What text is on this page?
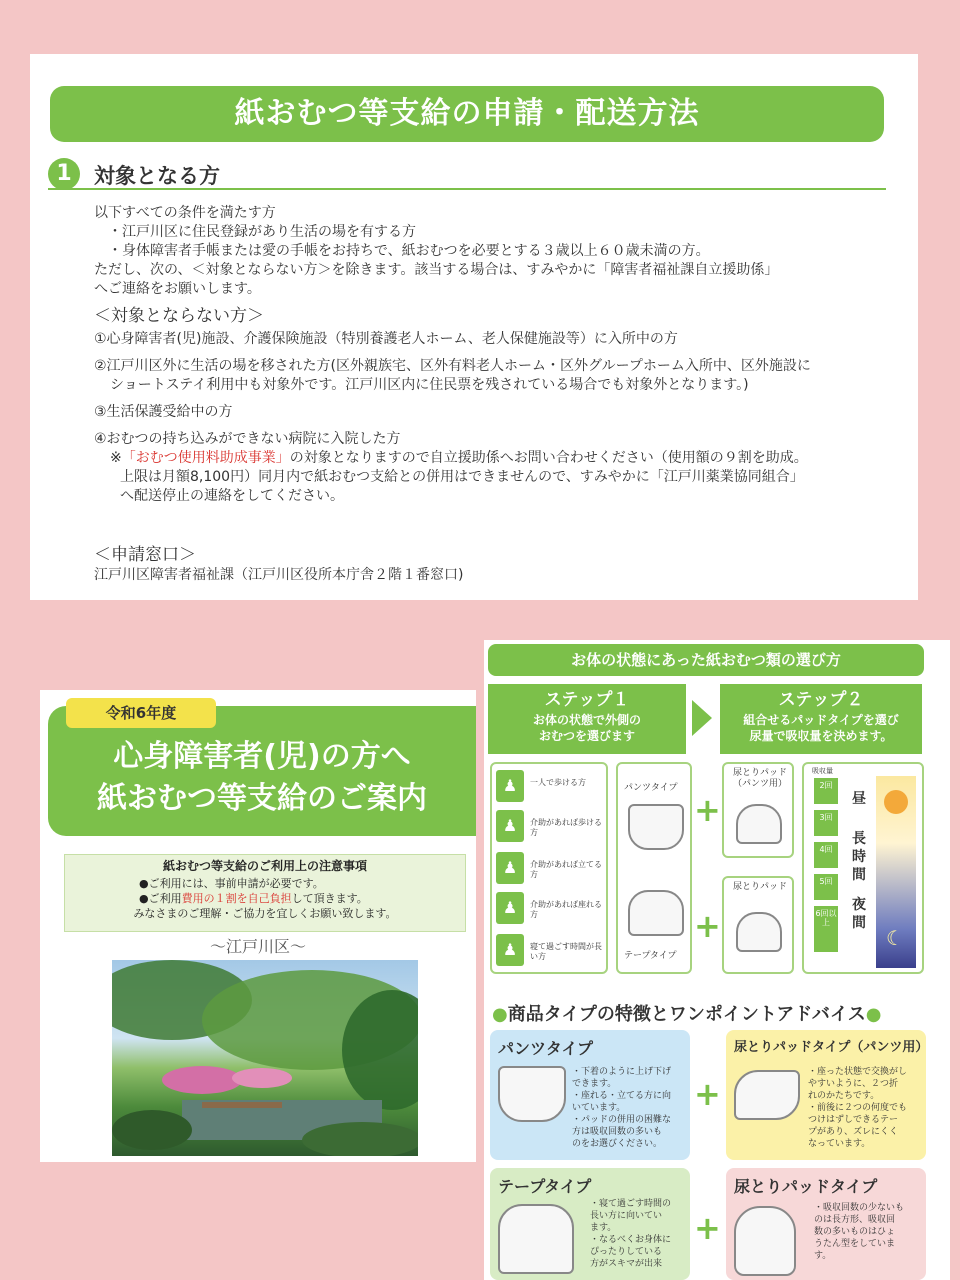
紙おむつ等支給の申請・配送方法
1	対象となる方

以下すべての条件を満たす方

・江戸川区に住民登録があり生活の場を有する方

・身体障害者手帳または愛の手帳をお持ちで、紙おむつを必要とする３歳以上６０歳未満の方。

ただし、次の、＜対象とならない方＞を除きます。該当する場合は、すみやかに「障害者福祉課自立援助係」

へご連絡をお願いします。

＜対象とならない方＞

①心身障害者(児)施設、介護保険施設（特別養護老人ホーム、老人保健施設等）に入所中の方

②江戸川区外に生活の場を移された方(区外親族宅、区外有料老人ホーム・区外グループホーム入所中、区外施設に

ショートステイ利用中も対象外です。江戸川区内に住民票を残されている場合でも対象外となります。)

③生活保護受給中の方

④おむつの持ち込みができない病院に入院した方

※「おむつ使用料助成事業」の対象となりますので自立援助係へお問い合わせください（使用額の９割を助成。

上限は月額8,100円）同月内で紙おむつ支給との併用はできませんので、すみやかに「江戸川薬業協同組合」

へ配送停止の連絡をしてください。

＜申請窓口＞
江戸川区障害者福祉課（江戸川区役所本庁舎２階１番窓口)
心身障害者(児)の方へ
紙おむつ等支給のご案内
令和6年度
紙おむつ等支給のご利用上の注意事項
●ご利用には、事前申請が必要です。
●ご利用費用の１割を自己負担して頂きます。
みなさまのご理解・ご協力を宜しくお願い致します。
〜江戸川区〜
お体の状態にあった紙おむつ類の選び方
ステップ１
お体の状態で外側の
おむつを選びます
ステップ２
組合せるパッドタイプを選び
尿量で吸収量を決めます。
♟	一人で歩ける方
♟	介助があれば歩ける方
♟	介助があれば立てる方
♟	介助があれば座れる方
♟	寝て過ごす時間が長い方
パンツタイプ
テープタイプ
+
+
尿とりパッド（パンツ用）
尿とりパッド
吸収量
2回
3回
4回
5回
6回以上
昼
長時間
夜間
☾
●商品タイプの特徴とワンポイントアドバイス●
パンツタイプ
・下着のように上げ下げ
できます。
・座れる・立てる方に向
いています。
・パッドの併用の困難な
方は吸収回数の多いも
のをお選びください。
+
尿とりパッドタイプ（パンツ用）
・座った状態で交換がし
やすいように、２つ折
れのかたちです。
・前後に２つの何度でも
つけはずしできるテー
プがあり、ズレにくく
なっています。
テープタイプ
・寝て過ごす時間の
長い方に向いてい
ます。
・なるべくお身体に
ぴったりしている
方がスキマが出来
+
尿とりパッドタイプ
・吸収回数の少ないも
のは長方形、吸収回
数の多いものはひょ
うたん型をしていま
す。
